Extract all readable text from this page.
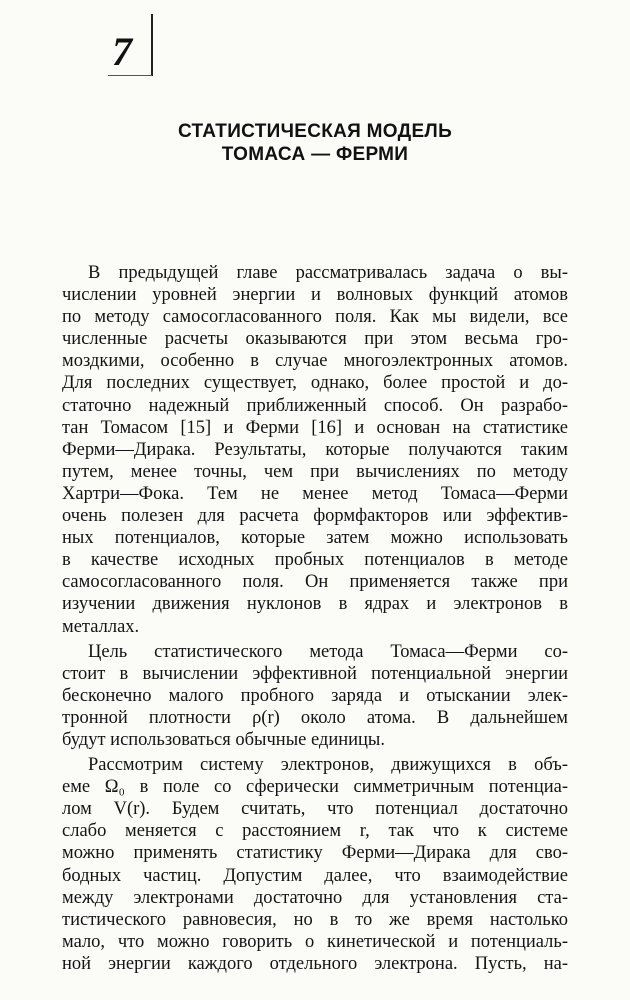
7
СТАТИСТИЧЕСКАЯ МОДЕЛЬ
ТОМАСА — ФЕРМИ
В предыдущей главе рассматривалась задача о вы-
числении уровней энергии и волновых функций атомов
по методу самосогласованного поля. Как мы видели, все
численные расчеты оказываются при этом весьма гро-
моздкими, особенно в случае многоэлектронных атомов.
Для последних существует, однако, более простой и до-
статочно надежный приближенный способ. Он разрабо-
тан Томасом [15] и Ферми [16] и основан на статистике
Ферми—Дирака. Результаты, которые получаются таким
путем, менее точны, чем при вычислениях по методу
Хартри—Фока. Тем не менее метод Томаса—Ферми
очень полезен для расчета формфакторов или эффектив-
ных потенциалов, которые затем можно использовать
в качестве исходных пробных потенциалов в методе
самосогласованного поля. Он применяется также при
изучении движения нуклонов в ядрах и электронов в
металлах.
Цель статистического метода Томаса—Ферми со-
стоит в вычислении эффективной потенциальной энергии
бесконечно малого пробного заряда и отыскании элек-
тронной плотности ρ(r) около атома. В дальнейшем
будут использоваться обычные единицы.
Рассмотрим систему электронов, движущихся в объ-
еме Ω₀ в поле со сферически симметричным потенциа-
лом V(r). Будем считать, что потенциал достаточно
слабо меняется с расстоянием r, так что к системе
можно применять статистику Ферми—Дирака для сво-
бодных частиц. Допустим далее, что взаимодействие
между электронами достаточно для установления ста-
тистического равновесия, но в то же время настолько
мало, что можно говорить о кинетической и потенциаль-
ной энергии каждого отдельного электрона. Пусть, на-
